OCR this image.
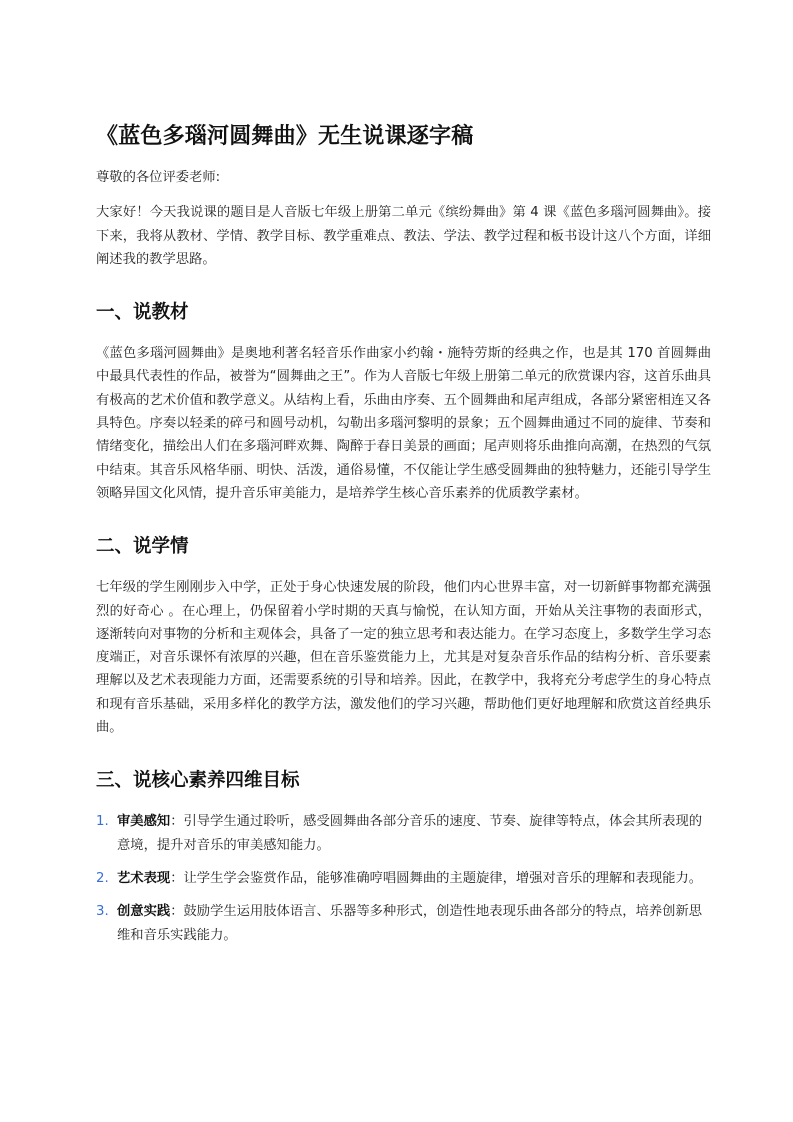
《蓝色多瑙河圆舞曲》无生说课逐字稿

尊敬的各位评委老师:

大家好！今天我说课的题目是人音版七年级上册第二单元《缤纷舞曲》第 4 课《蓝色多瑙河圆舞曲》。接下来，我将从教材、学情、教学目标、教学重难点、教法、学法、教学过程和板书设计这八个方面，详细阐述我的教学思路。

一、说教材

《蓝色多瑙河圆舞曲》是奥地利著名轻音乐作曲家小约翰・施特劳斯的经典之作，也是其 170 首圆舞曲中最具代表性的作品，被誉为“圆舞曲之王”。作为人音版七年级上册第二单元的欣赏课内容，这首乐曲具有极高的艺术价值和教学意义。从结构上看，乐曲由序奏、五个圆舞曲和尾声组成，各部分紧密相连又各具特色。序奏以轻柔的碎弓和圆号动机，勾勒出多瑙河黎明的景象；五个圆舞曲通过不同的旋律、节奏和情绪变化，描绘出人们在多瑙河畔欢舞、陶醉于春日美景的画面；尾声则将乐曲推向高潮，在热烈的气氛中结束。其音乐风格华丽、明快、活泼，通俗易懂，不仅能让学生感受圆舞曲的独特魅力，还能引导学生领略异国文化风情，提升音乐审美能力，是培养学生核心音乐素养的优质教学素材。

二、说学情

七年级的学生刚刚步入中学，正处于身心快速发展的阶段，他们内心世界丰富，对一切新鲜事物都充满强烈的好奇心 。在心理上，仍保留着小学时期的天真与愉悦，在认知方面，开始从关注事物的表面形式，逐渐转向对事物的分析和主观体会，具备了一定的独立思考和表达能力。在学习态度上，多数学生学习态度端正，对音乐课怀有浓厚的兴趣，但在音乐鉴赏能力上，尤其是对复杂音乐作品的结构分析、音乐要素理解以及艺术表现能力方面，还需要系统的引导和培养。因此，在教学中，我将充分考虑学生的身心特点和现有音乐基础，采用多样化的教学方法，激发他们的学习兴趣，帮助他们更好地理解和欣赏这首经典乐曲。

三、说核心素养四维目标
1. 审美感知：引导学生通过聆听，感受圆舞曲各部分音乐的速度、节奏、旋律等特点，体会其所表现的意境，提升对音乐的审美感知能力。
2. 艺术表现：让学生学会鉴赏作品，能够准确哼唱圆舞曲的主题旋律，增强对音乐的理解和表现能力。
3. 创意实践：鼓励学生运用肢体语言、乐器等多种形式，创造性地表现乐曲各部分的特点，培养创新思维和音乐实践能力。
